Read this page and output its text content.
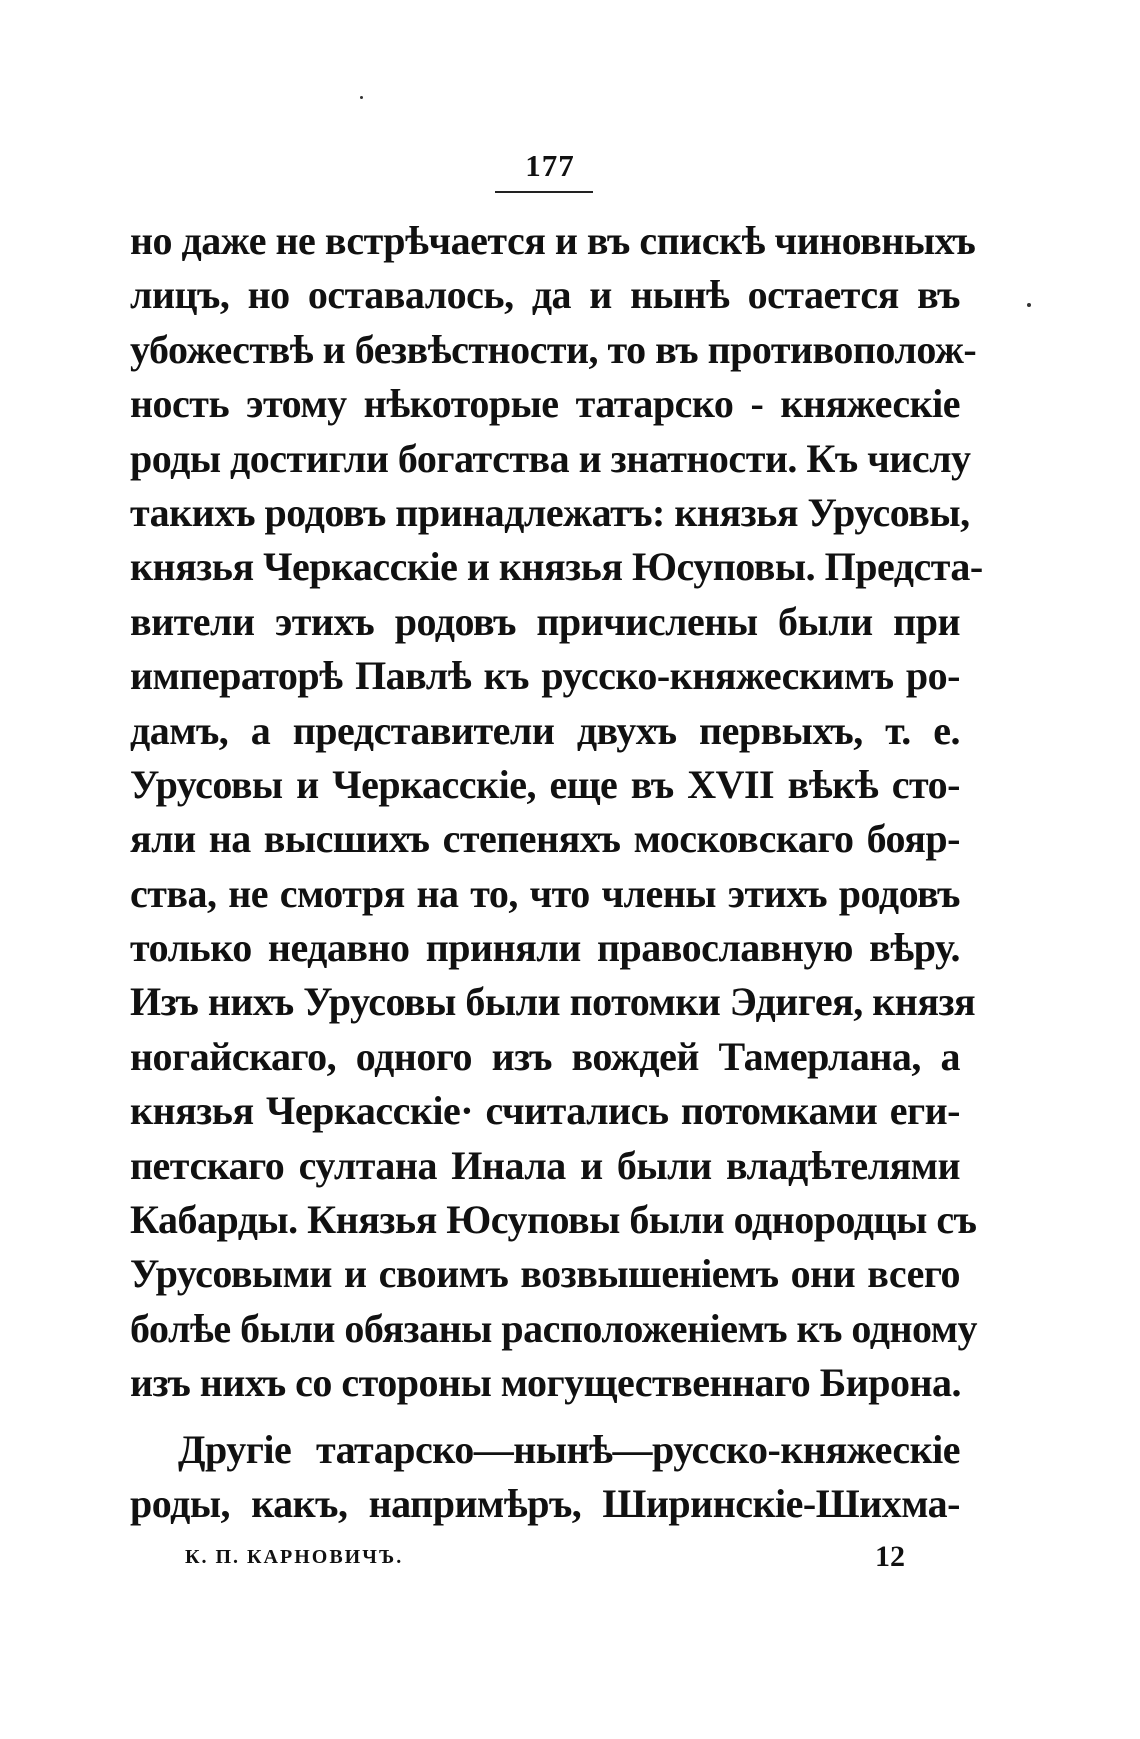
177
но даже не встрѣчается и въ спискѣ чиновныхъ
лицъ, но оставалось, да и нынѣ остается въ
убожествѣ и безвѣстности, то въ противополож-
ность этому нѣкоторые татарско - княжескіе
роды достигли богатства и знатности. Къ числу
такихъ родовъ принадлежатъ: князья Урусовы,
князья Черкасскіе и князья Юсуповы. Предста-
вители этихъ родовъ причислены были при
императорѣ Павлѣ къ русско-княжескимъ ро-
дамъ, а представители двухъ первыхъ, т. е.
Урусовы и Черкасскіе, еще въ XVII вѣкѣ сто-
яли на высшихъ степеняхъ московскаго бояр-
ства, не смотря на то, что члены этихъ родовъ
только недавно приняли православную вѣру.
Изъ нихъ Урусовы были потомки Эдигея, князя
ногайскаго, одного изъ вождей Тамерлана, а
князья Черкасскіе· считались потомками еги-
петскаго султана Инала и были владѣтелями
Кабарды. Князья Юсуповы были однородцы съ
Урусовыми и своимъ возвышеніемъ они всего
болѣе были обязаны расположеніемъ къ одному
изъ нихъ со стороны могущественнаго Бирона.
Другіе татарско—нынѣ—русско-княжескіе
роды, какъ, напримѣръ, Ширинскіе-Шихма-
К. П. КАРНОВИЧЪ.	12
